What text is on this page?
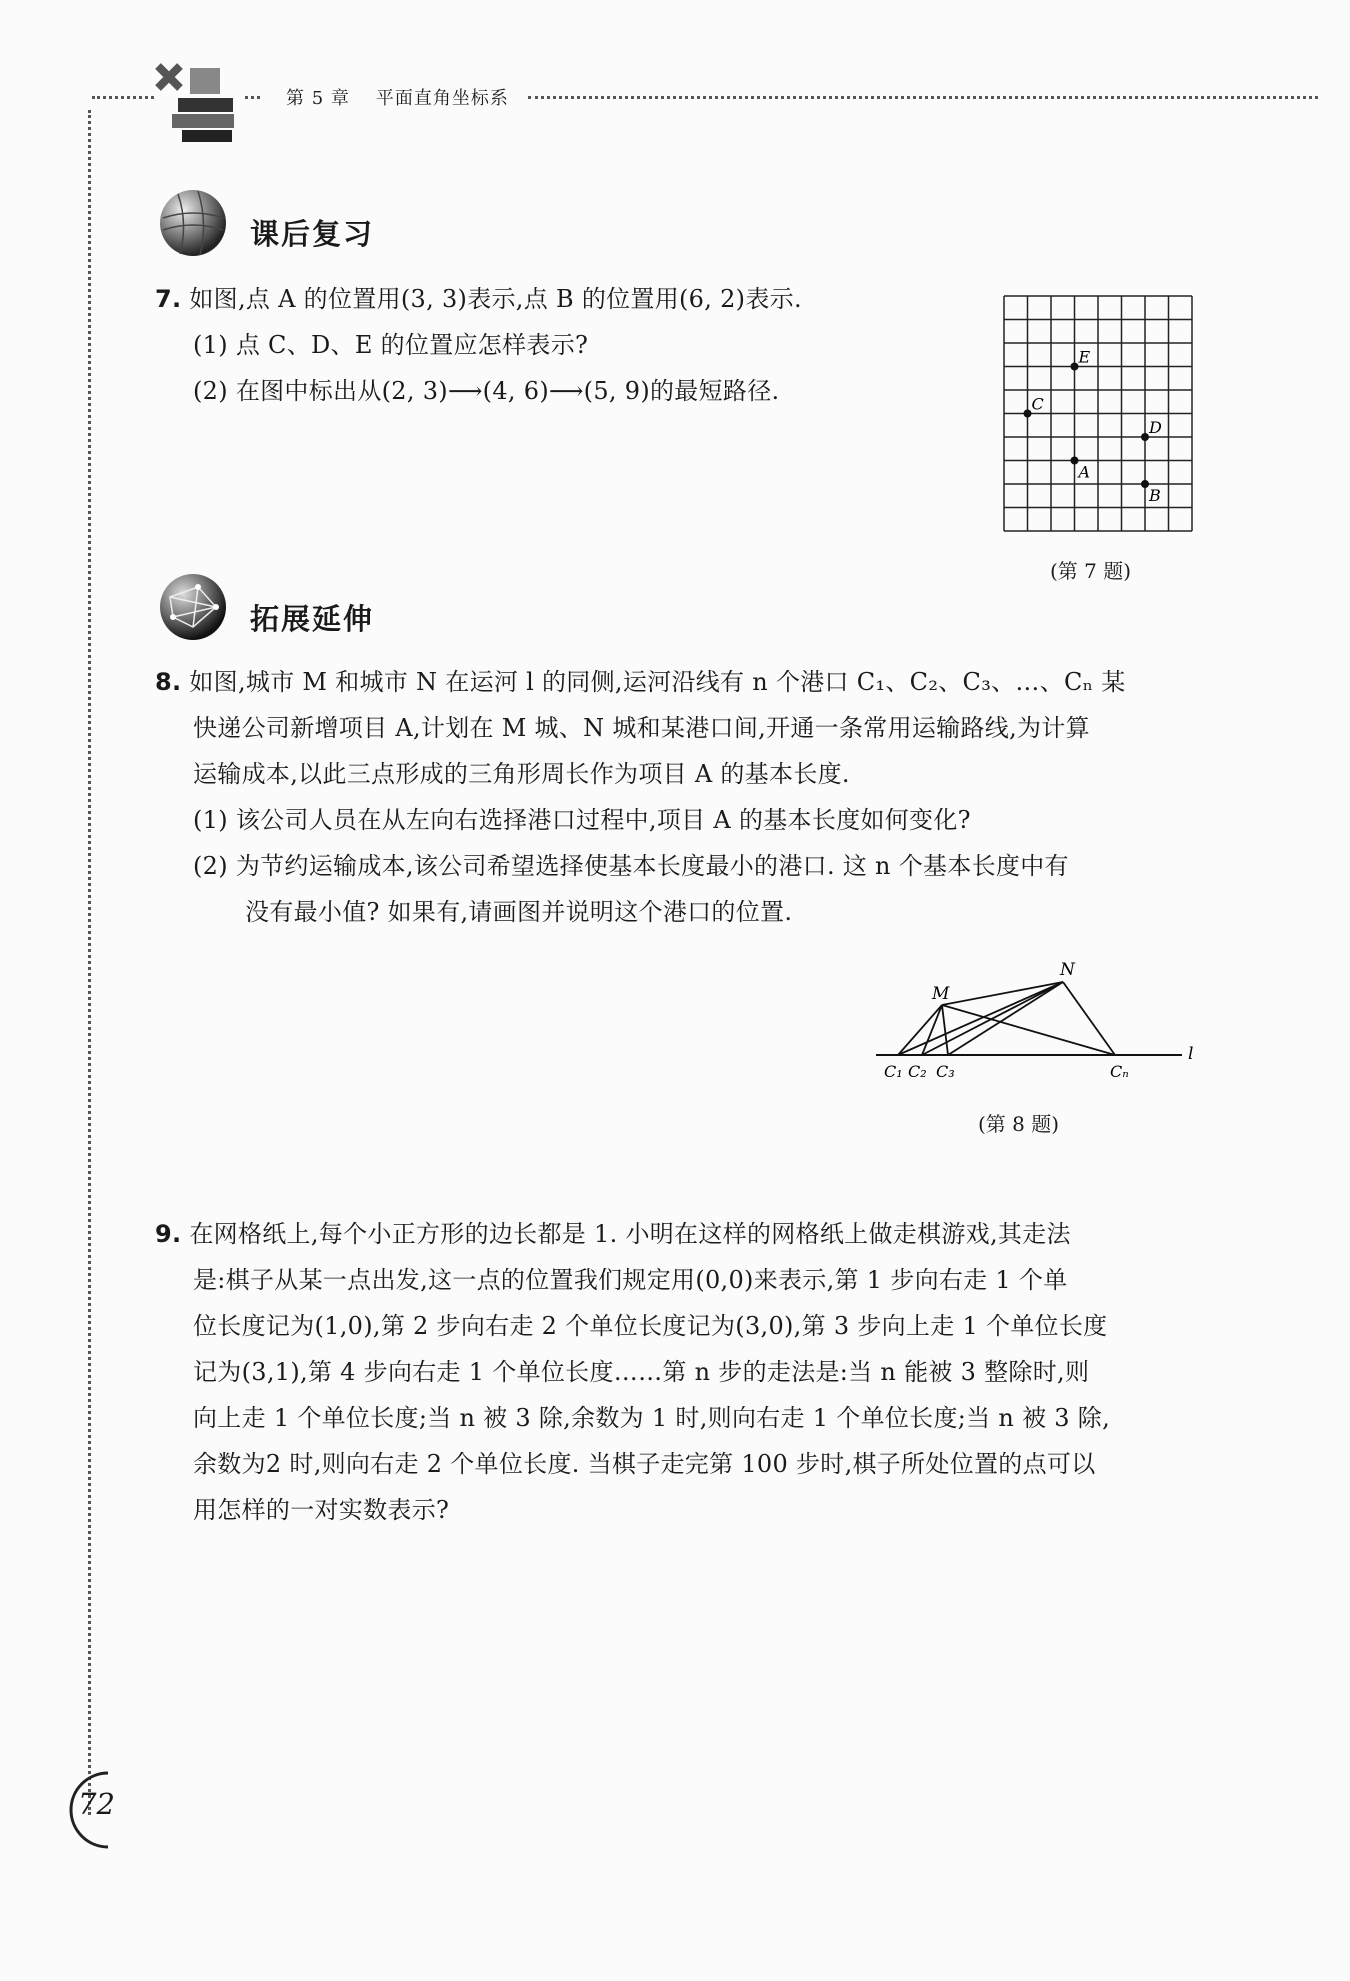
第 5 章 平面直角坐标系
课后复习
7. 如图,点 A 的位置用(3, 3)表示,点 B 的位置用(6, 2)表示.
(1) 点 C、D、E 的位置应怎样表示?
(2) 在图中标出从(2, 3)⟶(4, 6)⟶(5, 9)的最短路径.
E
C
D
A
B
(第 7 题)
拓展延伸
8. 如图,城市 M 和城市 N 在运河 l 的同侧,运河沿线有 n 个港口 C₁、C₂、C₃、…、Cₙ 某
快递公司新增项目 A,计划在 M 城、N 城和某港口间,开通一条常用运输路线,为计算
运输成本,以此三点形成的三角形周长作为项目 A 的基本长度.
(1) 该公司人员在从左向右选择港口过程中,项目 A 的基本长度如何变化?
(2) 为节约运输成本,该公司希望选择使基本长度最小的港口. 这 n 个基本长度中有
没有最小值? 如果有,请画图并说明这个港口的位置.
M
N
l
C₁ C₂ C₃	Cₙ
(第 8 题)
9. 在网格纸上,每个小正方形的边长都是 1. 小明在这样的网格纸上做走棋游戏,其走法
是:棋子从某一点出发,这一点的位置我们规定用(0,0)来表示,第 1 步向右走 1 个单
位长度记为(1,0),第 2 步向右走 2 个单位长度记为(3,0),第 3 步向上走 1 个单位长度
记为(3,1),第 4 步向右走 1 个单位长度……第 n 步的走法是:当 n 能被 3 整除时,则
向上走 1 个单位长度;当 n 被 3 除,余数为 1 时,则向右走 1 个单位长度;当 n 被 3 除,
余数为2 时,则向右走 2 个单位长度. 当棋子走完第 100 步时,棋子所处位置的点可以
用怎样的一对实数表示?
72
